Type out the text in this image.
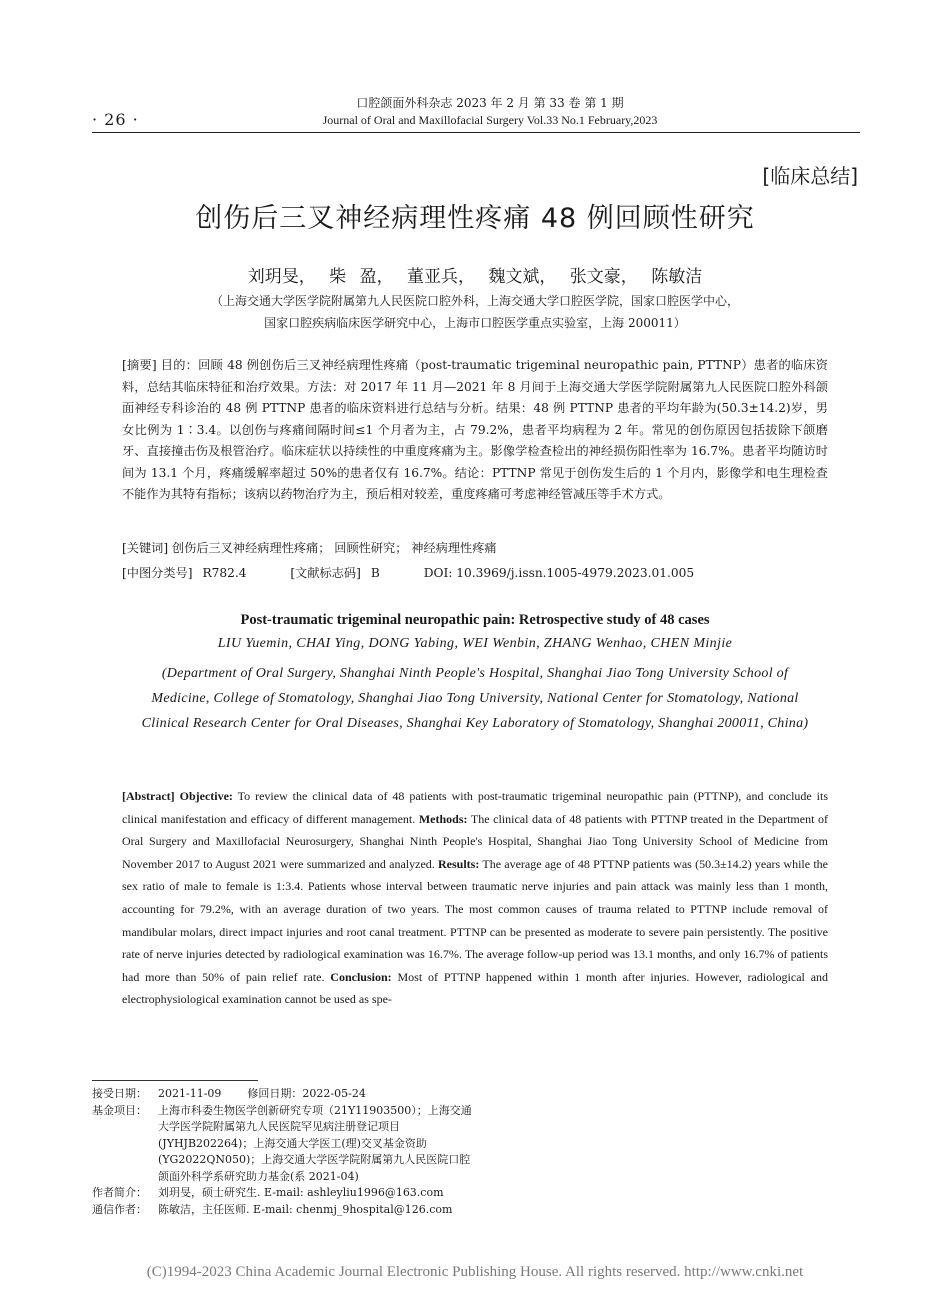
· 26 ·
口腔颌面外科杂志 2023 年 2 月 第 33 卷 第 1 期
Journal of Oral and Maxillofacial Surgery Vol.33 No.1 February,2023
[临床总结]
创伤后三叉神经病理性疼痛 48 例回顾性研究
刘玥旻， 柴 盈， 董亚兵， 魏文斌， 张文豪， 陈敏洁
（上海交通大学医学院附属第九人民医院口腔外科，上海交通大学口腔医学院，国家口腔医学中心，
国家口腔疾病临床医学研究中心，上海市口腔医学重点实验室，上海 200011）
[摘要] 目的：回顾 48 例创伤后三叉神经病理性疼痛（post-traumatic trigeminal neuropathic pain, PTTNP）患者的临床资料，总结其临床特征和治疗效果。方法：对 2017 年 11 月—2021 年 8 月间于上海交通大学医学院附属第九人民医院口腔外科颌面神经专科诊治的 48 例 PTTNP 患者的临床资料进行总结与分析。结果：48 例 PTTNP 患者的平均年龄为(50.3±14.2)岁，男女比例为 1∶3.4。以创伤与疼痛间隔时间≤1 个月者为主，占 79.2%，患者平均病程为 2 年。常见的创伤原因包括拔除下颌磨牙、直接撞击伤及根管治疗。临床症状以持续性的中重度疼痛为主。影像学检查检出的神经损伤阳性率为 16.7%。患者平均随访时间为 13.1 个月，疼痛缓解率超过 50%的患者仅有 16.7%。结论：PTTNP 常见于创伤发生后的 1 个月内，影像学和电生理检查不能作为其特有指标；该病以药物治疗为主，预后相对较差，重度疼痛可考虑神经管减压等手术方式。
[关键词] 创伤后三叉神经病理性疼痛； 回顾性研究； 神经病理性疼痛
[中图分类号] R782.4	[文献标志码] B	DOI: 10.3969/j.issn.1005-4979.2023.01.005
Post-traumatic trigeminal neuropathic pain: Retrospective study of 48 cases
LIU Yuemin, CHAI Ying, DONG Yabing, WEI Wenbin, ZHANG Wenhao, CHEN Minjie
(Department of Oral Surgery, Shanghai Ninth People's Hospital, Shanghai Jiao Tong University School of Medicine, College of Stomatology, Shanghai Jiao Tong University, National Center for Stomatology, National Clinical Research Center for Oral Diseases, Shanghai Key Laboratory of Stomatology, Shanghai 200011, China)
[Abstract] Objective: To review the clinical data of 48 patients with post-traumatic trigeminal neuropathic pain (PTTNP), and conclude its clinical manifestation and efficacy of different management. Methods: The clinical data of 48 patients with PTTNP treated in the Department of Oral Surgery and Maxillofacial Neurosurgery, Shanghai Ninth People's Hospital, Shanghai Jiao Tong University School of Medicine from November 2017 to August 2021 were summarized and analyzed. Results: The average age of 48 PTTNP patients was (50.3±14.2) years while the sex ratio of male to female is 1:3.4. Patients whose interval between traumatic nerve injuries and pain attack was mainly less than 1 month, accounting for 79.2%, with an average duration of two years. The most common causes of trauma related to PTTNP include removal of mandibular molars, direct impact injuries and root canal treatment. PTTNP can be presented as moderate to severe pain persistently. The positive rate of nerve injuries detected by radiological examination was 16.7%. The average follow-up period was 13.1 months, and only 16.7% of patients had more than 50% of pain relief rate. Conclusion: Most of PTTNP happened within 1 month after injuries. However, radiological and electrophysiological examination cannot be used as spe-
接受日期：	2021-11-09 修回日期：2022-05-24
基金项目：	上海市科委生物医学创新研究专项（21Y11903500）；上海交通大学医学院附属第九人民医院罕见病注册登记项目(JYHJB202264)；上海交通大学医工(理)交叉基金资助(YG2022QN050)；上海交通大学医学院附属第九人民医院口腔颌面外科学系研究助力基金(系 2021-04)
作者简介：	刘玥旻，硕士研究生. E-mail: ashleyliu1996@163.com
通信作者：	陈敏洁，主任医师. E-mail: chenmj_9hospital@126.com
(C)1994-2023 China Academic Journal Electronic Publishing House. All rights reserved. http://www.cnki.net
